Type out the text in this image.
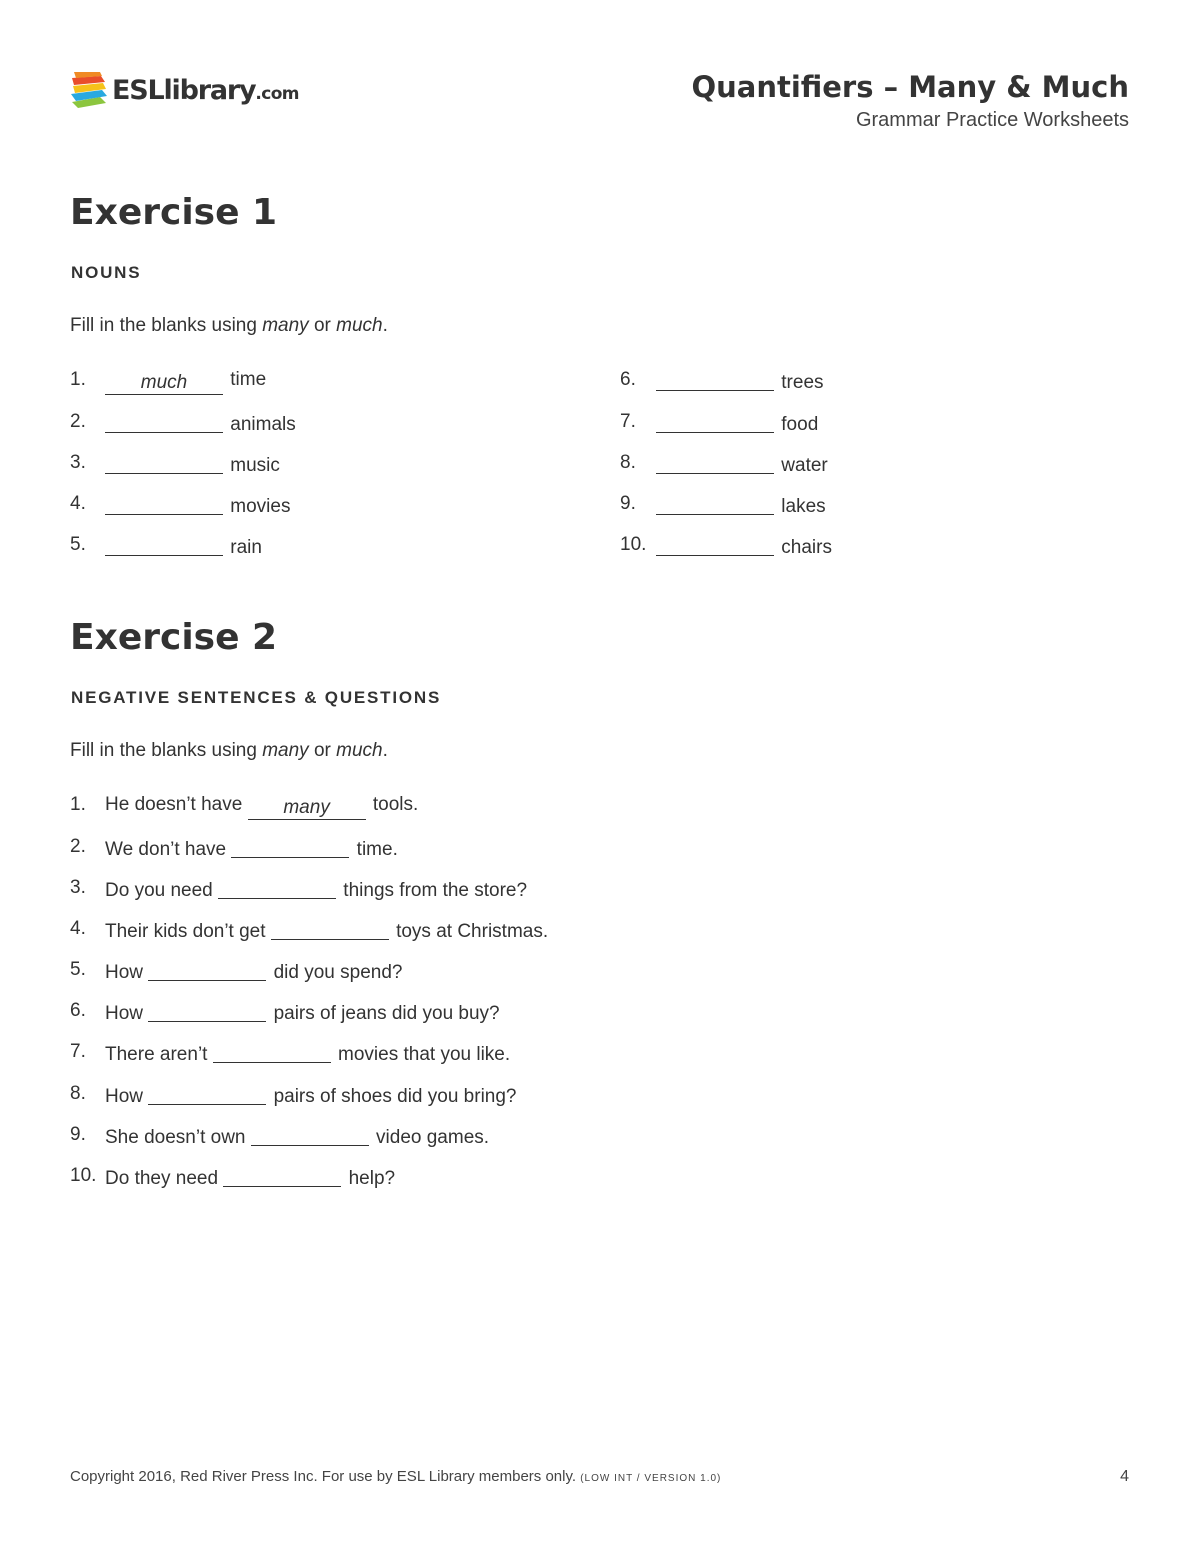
ESLlibrary.com	Quantifiers – Many & Much
Grammar Practice Worksheets
Exercise 1
NOUNS
Fill in the blanks using many or much.
1.	much time
2.	animals
3.	music
4.	movies
5.	rain
6.	trees
7.	food
8.	water
9.	lakes
10.	chairs
Exercise 2
NEGATIVE SENTENCES & QUESTIONS
Fill in the blanks using many or much.
1. He doesn’t have many tools.
2. We don’t have	time.
3. Do you need	things from the store?
4. Their kids don’t get	toys at Christmas.
5. How	did you spend?
6. How	pairs of jeans did you buy?
7. There aren’t	movies that you like.
8. How	pairs of shoes did you bring?
9. She doesn’t own	video games.
10. Do they need	help?
Copyright 2016, Red River Press Inc. For use by ESL Library members only. (LOW INT / VERSION 1.0)	4
